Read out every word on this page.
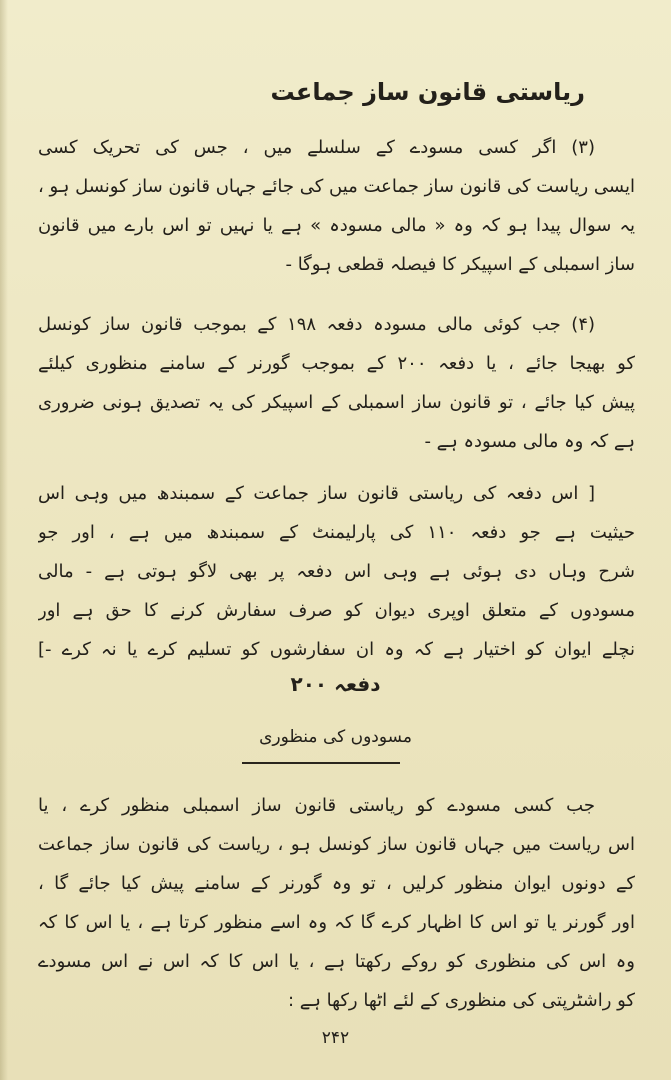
ریاستی قانون ساز جماعت
(۳) اگر کسی مسودے کے سلسلے میں ، جس کی تحریک کسی
ایسی ریاست کی قانون ساز جماعت میں کی جائے جہاں قانون ساز کونسل ہو ،
یہ سوال پیدا ہو کہ وہ « مالی مسودہ » ہے یا نہیں تو اس بارے میں قانون
ساز اسمبلی کے اسپیکر کا فیصلہ قطعی ہوگا -
(۴) جب کوئی مالی مسودہ دفعہ ۱۹۸ کے بموجب قانون ساز کونسل
کو بھیجا جائے ، یا دفعہ ۲۰۰ کے بموجب گورنر کے سامنے منظوری کیلئے
پیش کیا جائے ، تو قانون ساز اسمبلی کے اسپیکر کی یہ تصدیق ہونی ضروری
ہے کہ وہ مالی مسودہ ہے -
[ اس دفعہ کی ریاستی قانون ساز جماعت کے سمبندھ میں وہی اس
حیثیت ہے جو دفعہ ۱۱۰ کی پارلیمنٹ کے سمبندھ میں ہے ، اور جو
شرح وہاں دی ہوئی ہے وہی اس دفعہ پر بھی لاگو ہوتی ہے - مالی
مسودوں کے متعلق اوپری دیوان کو صرف سفارش کرنے کا حق ہے اور
نچلے ایوان کو اختیار ہے کہ وہ ان سفارشوں کو تسلیم کرے یا نہ کرے -]
دفعہ ۲۰۰
مسودوں کی منظوری
جب کسی مسودے کو ریاستی قانون ساز اسمبلی منظور کرے ، یا
اس ریاست میں جہاں قانون ساز کونسل ہو ، ریاست کی قانون ساز جماعت
کے دونوں ایوان منظور کرلیں ، تو وہ گورنر کے سامنے پیش کیا جائے گا ،
اور گورنر یا تو اس کا اظہار کرے گا کہ وہ اسے منظور کرتا ہے ، یا اس کا کہ
وہ اس کی منظوری کو روکے رکھتا ہے ، یا اس کا کہ اس نے اس مسودے
کو راشٹرپتی کی منظوری کے لئے اٹھا رکھا ہے :
۲۴۲
